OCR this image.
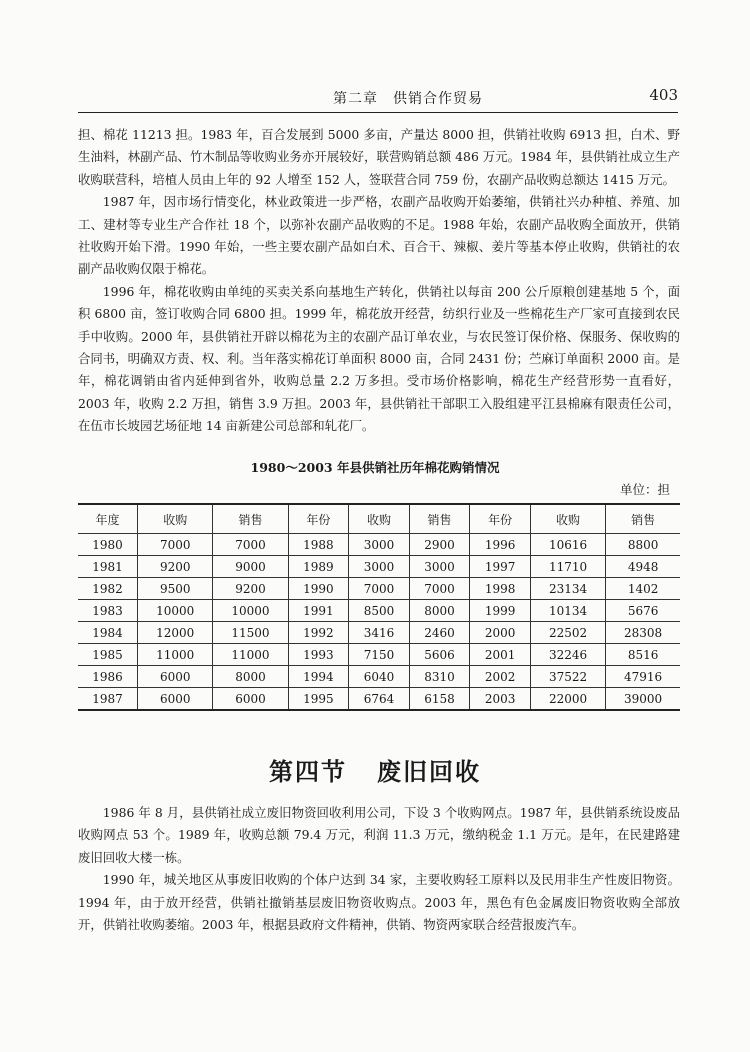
第二章　供销合作贸易	403

担、棉花 11213 担。1983 年，百合发展到 5000 多亩，产量达 8000 担，供销社收购 6913 担，白术、野生油料，林副产品、竹木制品等收购业务亦开展较好，联营购销总额 486 万元。1984 年，县供销社成立生产收购联营科，培植人员由上年的 92 人增至 152 人，签联营合同 759 份，农副产品收购总额达 1415 万元。

1987 年，因市场行情变化，林业政策进一步严格，农副产品收购开始萎缩，供销社兴办种植、养殖、加工、建材等专业生产合作社 18 个，以弥补农副产品收购的不足。1988 年始，农副产品收购全面放开，供销社收购开始下滑。1990 年始，一些主要农副产品如白术、百合干、辣椒、姜片等基本停止收购，供销社的农副产品收购仅限于棉花。

1996 年，棉花收购由单纯的买卖关系向基地生产转化，供销社以每亩 200 公斤原粮创建基地 5 个，面积 6800 亩，签订收购合同 6800 担。1999 年，棉花放开经营，纺织行业及一些棉花生产厂家可直接到农民手中收购。2000 年，县供销社开辟以棉花为主的农副产品订单农业，与农民签订保价格、保服务、保收购的合同书，明确双方责、权、利。当年落实棉花订单面积 8000 亩，合同 2431 份；苎麻订单面积 2000 亩。是年，棉花调销由省内延伸到省外，收购总量 2.2 万多担。受市场价格影响，棉花生产经营形势一直看好，2003 年，收购 2.2 万担，销售 3.9 万担。2003 年，县供销社干部职工入股组建平江县棉麻有限责任公司，在伍市长坡园艺场征地 14 亩新建公司总部和轧花厂。

1980～2003 年县供销社历年棉花购销情况
单位：担
年度	收购	销售	年份	收购	销售	年份	收购	销售
1980	7000	7000	1988	3000	2900	1996	10616	8800
1981	9200	9000	1989	3000	3000	1997	11710	4948
1982	9500	9200	1990	7000	7000	1998	23134	1402
1983	10000	10000	1991	8500	8000	1999	10134	5676
1984	12000	11500	1992	3416	2460	2000	22502	28308
1985	11000	11000	1993	7150	5606	2001	32246	8516
1986	6000	8000	1994	6040	8310	2002	37522	47916
1987	6000	6000	1995	6764	6158	2003	22000	39000
第四节 废旧回收

1986 年 8 月，县供销社成立废旧物资回收利用公司，下设 3 个收购网点。1987 年，县供销系统设废品收购网点 53 个。1989 年，收购总额 79.4 万元，利润 11.3 万元，缴纳税金 1.1 万元。是年，在民建路建废旧回收大楼一栋。

1990 年，城关地区从事废旧收购的个体户达到 34 家，主要收购轻工原料以及民用非生产性废旧物资。1994 年，由于放开经营，供销社撤销基层废旧物资收购点。2003 年，黑色有色金属废旧物资收购全部放开，供销社收购萎缩。2003 年，根据县政府文件精神，供销、物资两家联合经营报废汽车。
